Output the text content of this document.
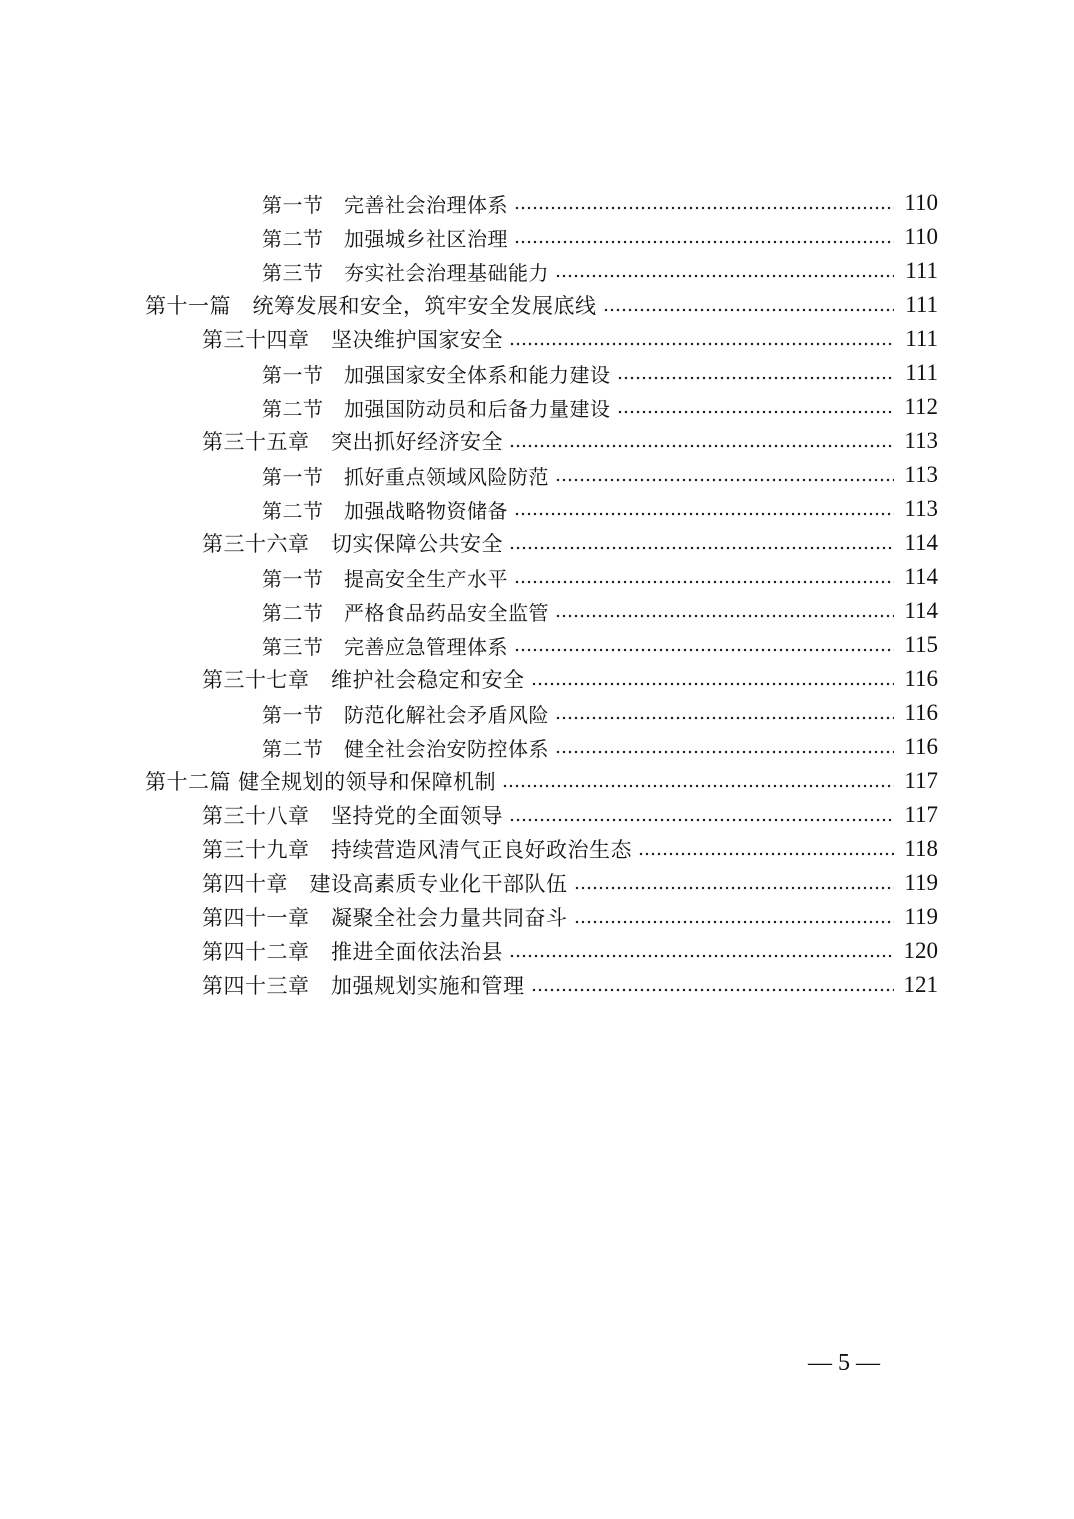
第一节　完善社会治理体系	110
第二节　加强城乡社区治理	110
第三节　夯实社会治理基础能力	111
第十一篇　统筹发展和安全，筑牢安全发展底线	111
第三十四章　坚决维护国家安全	111
第一节　加强国家安全体系和能力建设	111
第二节　加强国防动员和后备力量建设	112
第三十五章　突出抓好经济安全	113
第一节　抓好重点领域风险防范	113
第二节　加强战略物资储备	113
第三十六章　切实保障公共安全	114
第一节　提高安全生产水平	114
第二节　严格食品药品安全监管	114
第三节　完善应急管理体系	115
第三十七章　维护社会稳定和安全	116
第一节　防范化解社会矛盾风险	116
第二节　健全社会治安防控体系	116
第十二篇 健全规划的领导和保障机制	117
第三十八章　坚持党的全面领导	117
第三十九章　持续营造风清气正良好政治生态	118
第四十章　建设高素质专业化干部队伍	119
第四十一章　凝聚全社会力量共同奋斗	119
第四十二章　推进全面依法治县	120
第四十三章　加强规划实施和管理	121
— 5 —
